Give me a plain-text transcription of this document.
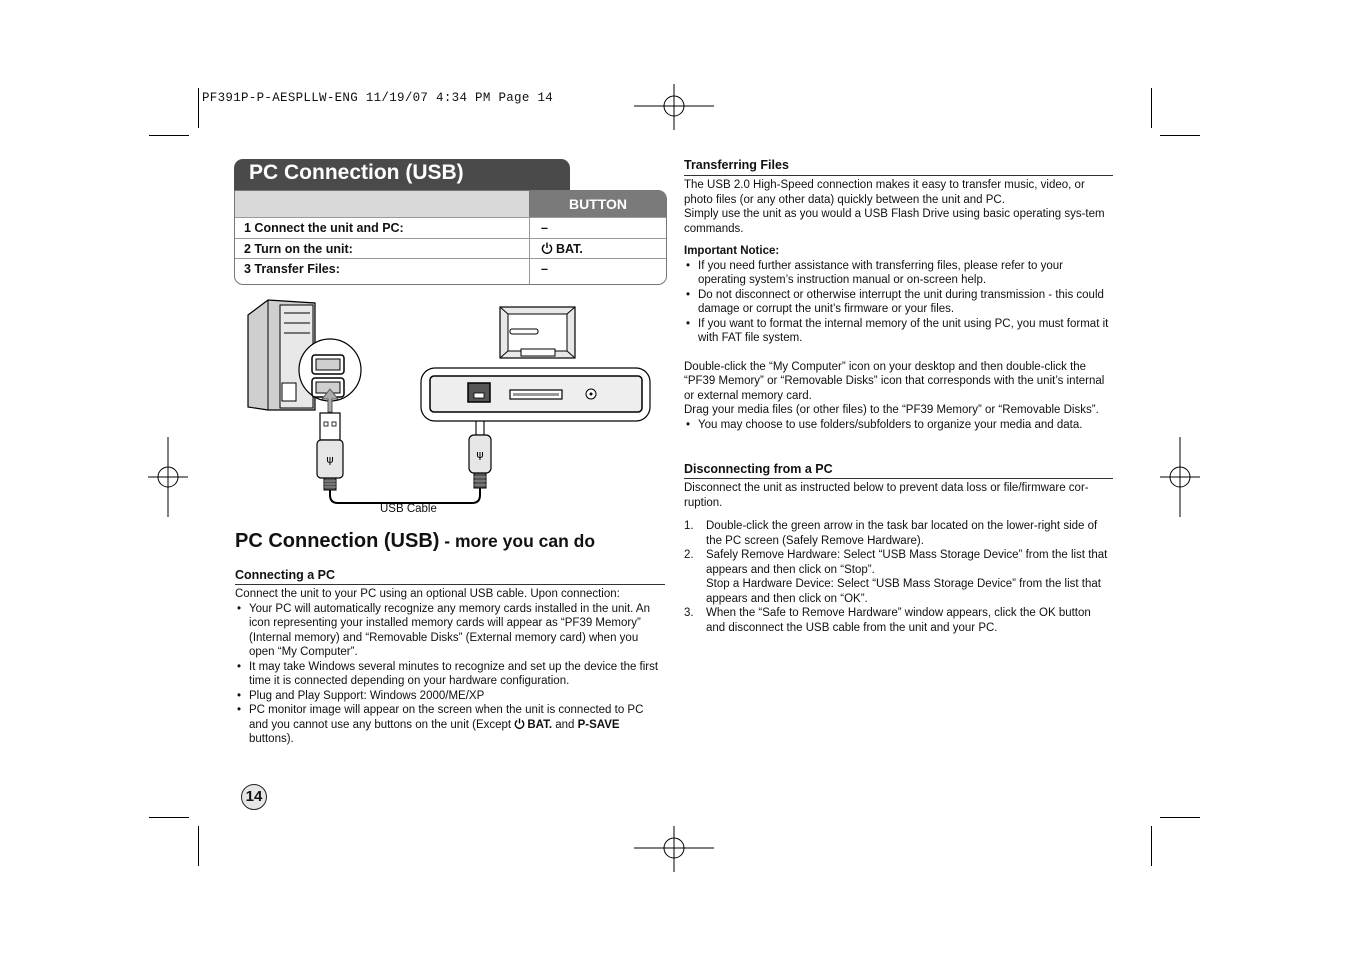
PF391P-P-AESPLLW-ENG 11/19/07 4:34 PM Page 14
PC Connection (USB)
BUTTON
1 Connect the unit and PC:	–
2 Turn on the unit:	BAT.
3 Transfer Files:	–
ψ	ψ
USB Cable
PC Connection (USB) - more you can do
Connecting a PC

Connect the unit to your PC using an optional USB cable. Upon connection:

• Your PC will automatically recognize any memory cards installed in the unit. An icon representing your installed memory cards will appear as “PF39 Memory” (Internal memory) and “Removable Disks” (External memory card) when you open “My Computer”.
• It may take Windows several minutes to recognize and set up the device the first time it is connected depending on your hardware configuration.
• Plug and Play Support: Windows 2000/ME/XP
• PC monitor image will appear on the screen when the unit is connected to PC and you cannot use any buttons on the unit (Except BAT. and P-SAVE buttons).
Transferring Files

The USB 2.0 High-Speed connection makes it easy to transfer music, video, or photo files (or any other data) quickly between the unit and PC.

Simply use the unit as you would a USB Flash Drive using basic operating sys-tem commands.

Important Notice:

• If you need further assistance with transferring files, please refer to your operating system’s instruction manual or on-screen help.
• Do not disconnect or otherwise interrupt the unit during transmission - this could damage or corrupt the unit’s firmware or your files.
• If you want to format the internal memory of the unit using PC, you must format it with FAT file system.

Double-click the “My Computer” icon on your desktop and then double-click the “PF39 Memory” or “Removable Disks” icon that corresponds with the unit’s internal or external memory card.

Drag your media files (or other files) to the “PF39 Memory” or “Removable Disks”.

• You may choose to use folders/subfolders to organize your media and data.
Disconnecting from a PC

Disconnect the unit as instructed below to prevent data loss or file/firmware cor-ruption.

1. Double-click the green arrow in the task bar located on the lower-right side of the PC screen (Safely Remove Hardware).
2. Safely Remove Hardware: Select “USB Mass Storage Device” from the list that appears and then click on “Stop”.
Stop a Hardware Device: Select “USB Mass Storage Device” from the list that appears and then click on “OK”.
3. When the “Safe to Remove Hardware” window appears, click the OK button and disconnect the USB cable from the unit and your PC.
14
